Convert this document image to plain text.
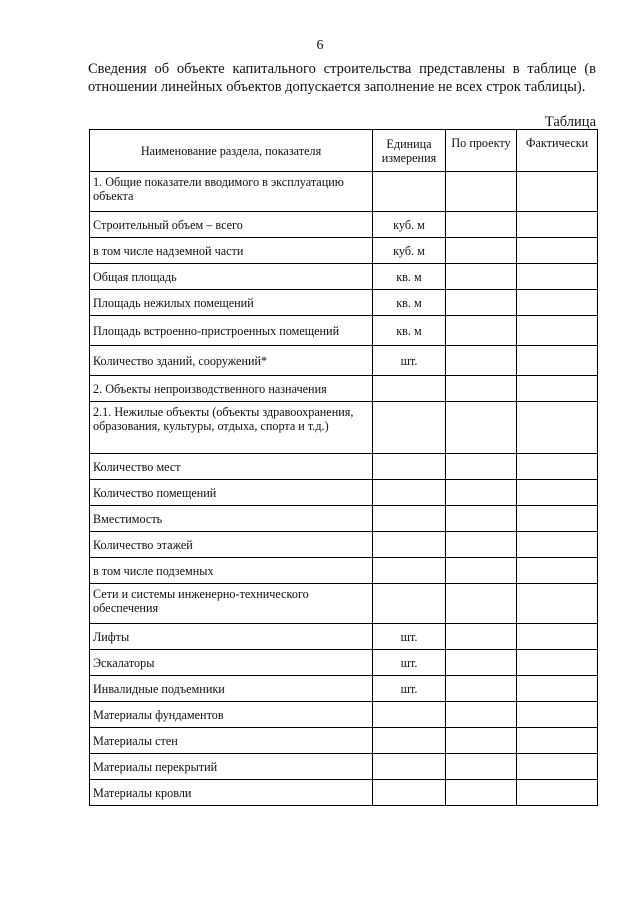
6
Сведения об объекте капитального строительства представлены в таблице (в отношении линейных объектов допускается заполнение не всех строк таблицы).
Таблица
Наименование раздела, показателя	Единица измерения	По проекту	Фактически
1. Общие показатели вводимого в эксплуатацию объекта			
Строительный объем – всего	куб. м		
в том числе надземной части	куб. м		
Общая площадь	кв. м		
Площадь нежилых помещений	кв. м		
Площадь встроенно-пристроенных помещений	кв. м		
Количество зданий, сооружений*	шт.		
2. Объекты непроизводственного назначения			
2.1. Нежилые объекты (объекты здравоохранения, образования, культуры, отдыха, спорта и т.д.)			
Количество мест			
Количество помещений			
Вместимость			
Количество этажей			
в том числе подземных			
Сети и системы инженерно-технического обеспечения			
Лифты	шт.		
Эскалаторы	шт.		
Инвалидные подъемники	шт.		
Материалы фундаментов			
Материалы стен			
Материалы перекрытий			
Материалы кровли			
